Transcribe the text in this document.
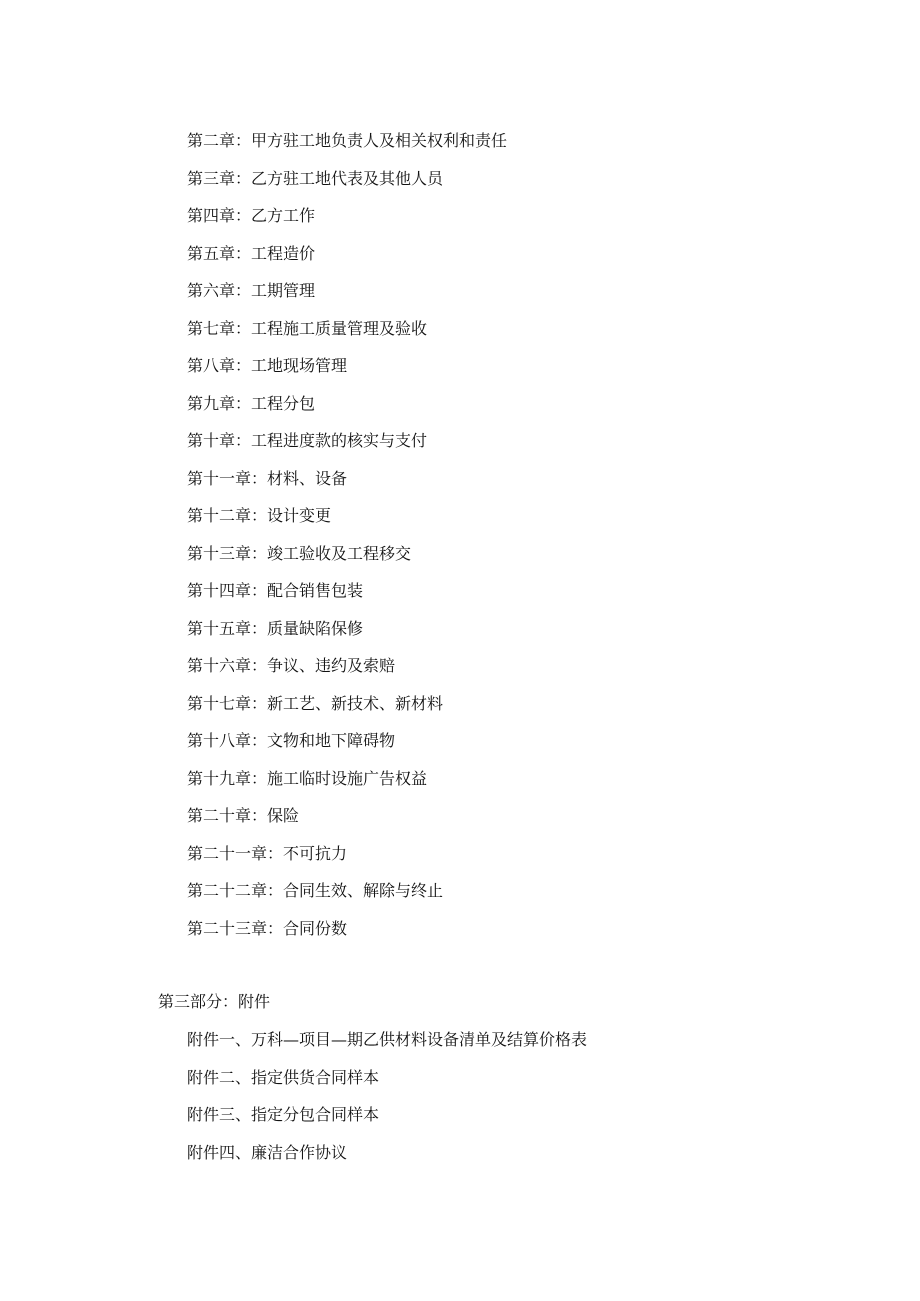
第二章：甲方驻工地负责人及相关权利和责任
第三章：乙方驻工地代表及其他人员
第四章：乙方工作
第五章：工程造价
第六章：工期管理
第七章：工程施工质量管理及验收
第八章：工地现场管理
第九章：工程分包
第十章：工程进度款的核实与支付
第十一章：材料、设备
第十二章：设计变更
第十三章：竣工验收及工程移交
第十四章：配合销售包装
第十五章：质量缺陷保修
第十六章：争议、违约及索赔
第十七章：新工艺、新技术、新材料
第十八章：文物和地下障碍物
第十九章：施工临时设施广告权益
第二十章：保险
第二十一章：不可抗力
第二十二章：合同生效、解除与终止
第二十三章：合同份数
第三部分：附件
附件一、万科—项目—期乙供材料设备清单及结算价格表
附件二、指定供货合同样本
附件三、指定分包合同样本
附件四、廉洁合作协议
